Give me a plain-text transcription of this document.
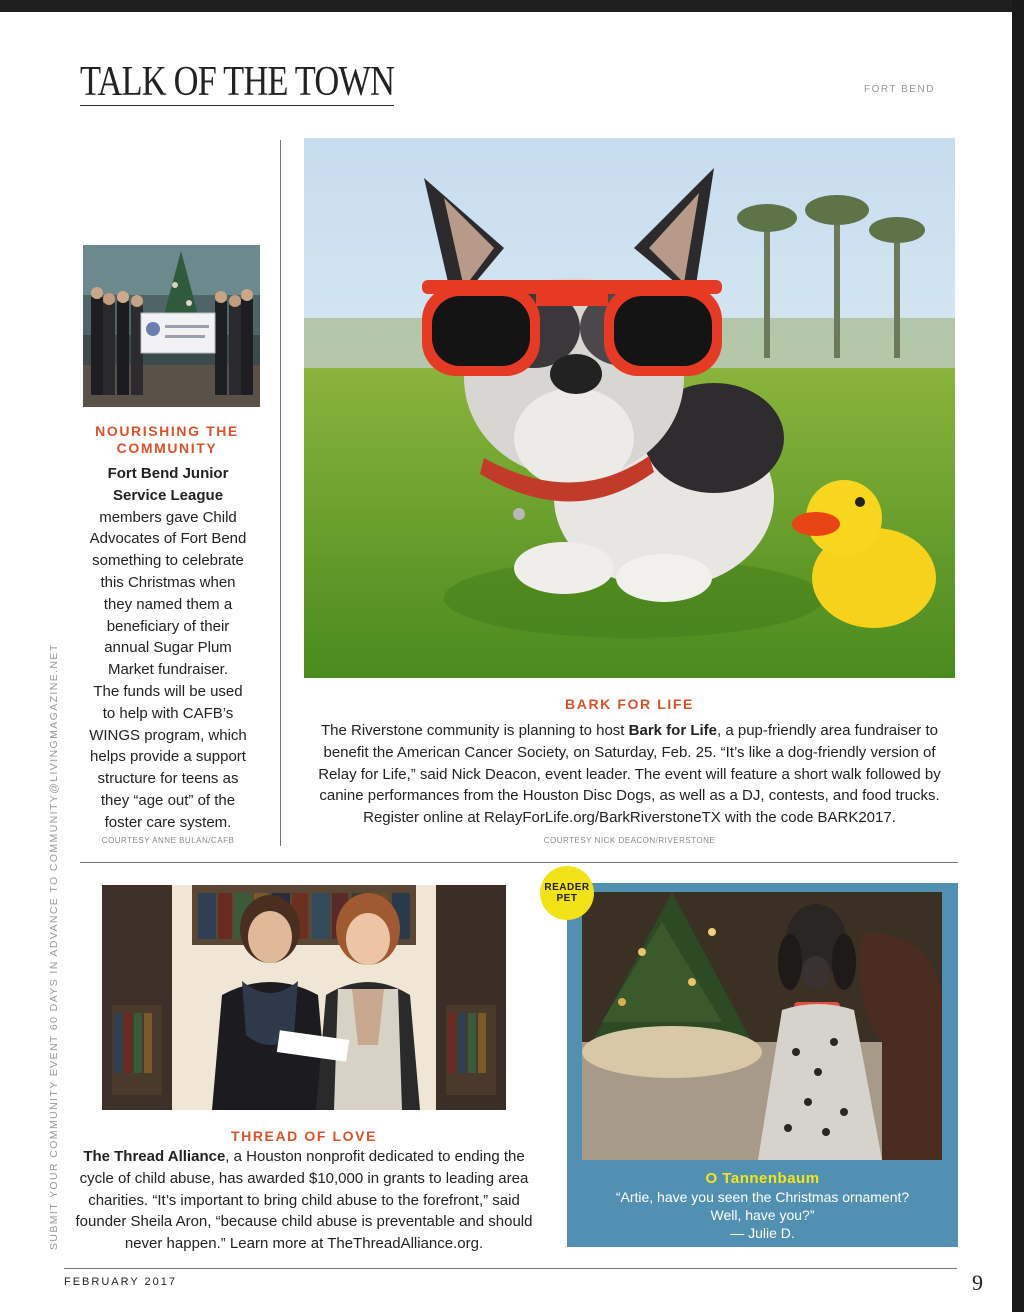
TALK OF THE TOWN	FORT BEND
SUBMIT YOUR COMMUNITY EVENT 60 DAYS IN ADVANCE TO COMMUNITY@LIVINGMAGAZINE.NET
NOURISHING THE
COMMUNITY
Fort Bend Junior
Service League
members gave Child
Advocates of Fort Bend
something to celebrate
this Christmas when
they named them a
beneficiary of their
annual Sugar Plum
Market fundraiser.
The funds will be used
to help with CAFB’s
WINGS program, which
helps provide a support
structure for teens as
they “age out” of the
foster care system.
COURTESY ANNE BULAN/CAFB
BARK FOR LIFE
The Riverstone community is planning to host Bark for Life, a pup-friendly area fundraiser to
benefit the American Cancer Society, on Saturday, Feb. 25. “It’s like a dog-friendly version of
Relay for Life,” said Nick Deacon, event leader. The event will feature a short walk followed by
canine performances from the Houston Disc Dogs, as well as a DJ, contests, and food trucks.
Register online at RelayForLife.org/BarkRiverstoneTX with the code BARK2017.
COURTESY NICK DEACON/RIVERSTONE
THREAD OF LOVE
The Thread Alliance, a Houston nonprofit dedicated to ending the
cycle of child abuse, has awarded $10,000 in grants to leading area
charities. “It’s important to bring child abuse to the forefront,” said
founder Sheila Aron, “because child abuse is preventable and should
never happen.” Learn more at TheThreadAlliance.org.
READER
PET
O Tannenbaum
“Artie, have you seen the Christmas ornament?
Well, have you?”
— Julie D.
FEBRUARY 2017	9
